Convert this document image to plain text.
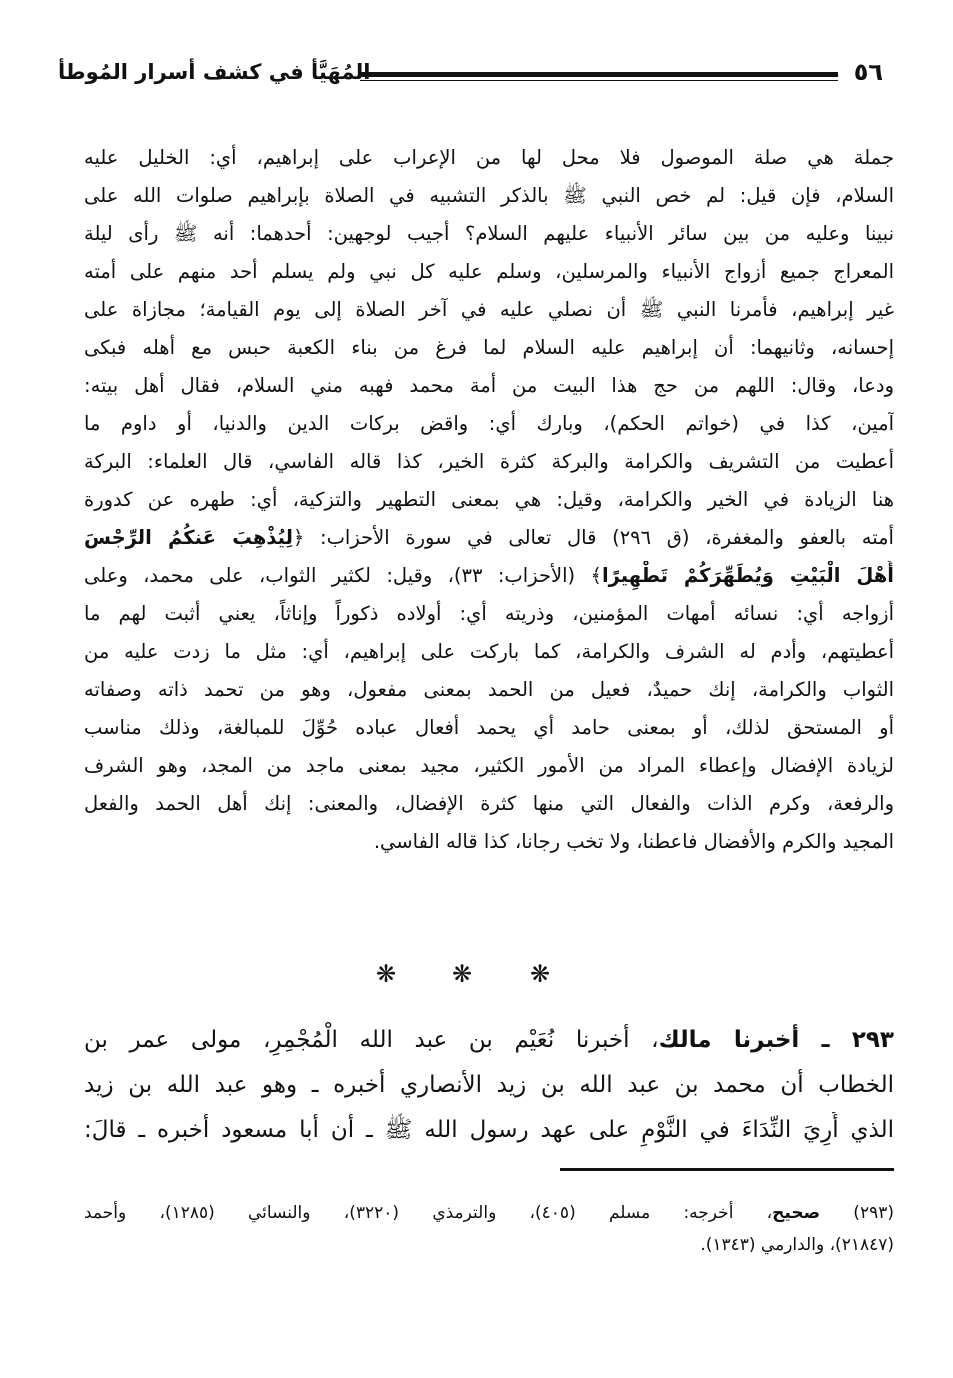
٥٦
المُهَيَّأ في كشف أسرار المُوطأ
جملة هي صلة الموصول فلا محل لها من الإعراب على إبراهيم، أي: الخليل عليه
السلام، فإن قيل: لم خص النبي ﷺ بالذكر التشبيه في الصلاة بإبراهيم صلوات الله على
نبينا وعليه من بين سائر الأنبياء عليهم السلام؟ أجيب لوجهين: أحدهما: أنه ﷺ رأى ليلة
المعراج جميع أزواج الأنبياء والمرسلين، وسلم عليه كل نبي ولم يسلم أحد منهم على أمته
غير إبراهيم، فأمرنا النبي ﷺ أن نصلي عليه في آخر الصلاة إلى يوم القيامة؛ مجازاة على
إحسانه، وثانيهما: أن إبراهيم عليه السلام لما فرغ من بناء الكعبة حبس مع أهله فبكى
ودعا، وقال: اللهم من حج هذا البيت من أمة محمد فهبه مني السلام، فقال أهل بيته:
آمين، كذا في (خواتم الحكم)، وبارك أي: واقض بركات الدين والدنيا، أو داوم ما
أعطيت من التشريف والكرامة والبركة كثرة الخير، كذا قاله الفاسي، قال العلماء: البركة
هنا الزيادة في الخير والكرامة، وقيل: هي بمعنى التطهير والتزكية، أي: طهره عن كدورة
أمته بالعفو والمغفرة، (ق ٢٩٦) قال تعالى في سورة الأحزاب: ﴿لِيُذْهِبَ عَنكُمُ الرِّجْسَ
أَهْلَ الْبَيْتِ وَيُطَهِّرَكُمْ تَطْهِيرًا﴾ (الأحزاب: ٣٣)، وقيل: لكثير الثواب، على محمد، وعلى
أزواجه أي: نسائه أمهات المؤمنين، وذريته أي: أولاده ذكوراً وإناثاً، يعني أثبت لهم ما
أعطيتهم، وأدم له الشرف والكرامة، كما باركت على إبراهيم، أي: مثل ما زدت عليه من
الثواب والكرامة، إنك حميدٌ، فعيل من الحمد بمعنى مفعول، وهو من تحمد ذاته وصفاته
أو المستحق لذلك، أو بمعنى حامد أي يحمد أفعال عباده حُوِّلَ للمبالغة، وذلك مناسب
لزيادة الإفضال وإعطاء المراد من الأمور الكثير، مجيد بمعنى ماجد من المجد، وهو الشرف
والرفعة، وكرم الذات والفعال التي منها كثرة الإفضال، والمعنى: إنك أهل الحمد والفعل
المجيد والكرم والأفضال فاعطنا، ولا تخب رجانا، كذا قاله الفاسي.
❋ ❋ ❋
٢٩٣ ـ أخبرنا مالك، أخبرنا نُعَيْم بن عبد الله الْمُجْمِرِ، مولى عمر بن
الخطاب أن محمد بن عبد الله بن زيد الأنصاري أخبره ـ وهو عبد الله بن زيد
الذي أُرِيَ النِّدَاءَ في النَّوْمِ على عهد رسول الله ﷺ ـ أن أبا مسعود أخبره ـ قالَ:
(٢٩٣) صحيح، أخرجه: مسلم (٤٠٥)، والترمذي (٣٢٢٠)، والنسائي (١٢٨٥)، وأحمد
(٢١٨٤٧)، والدارمي (١٣٤٣).
